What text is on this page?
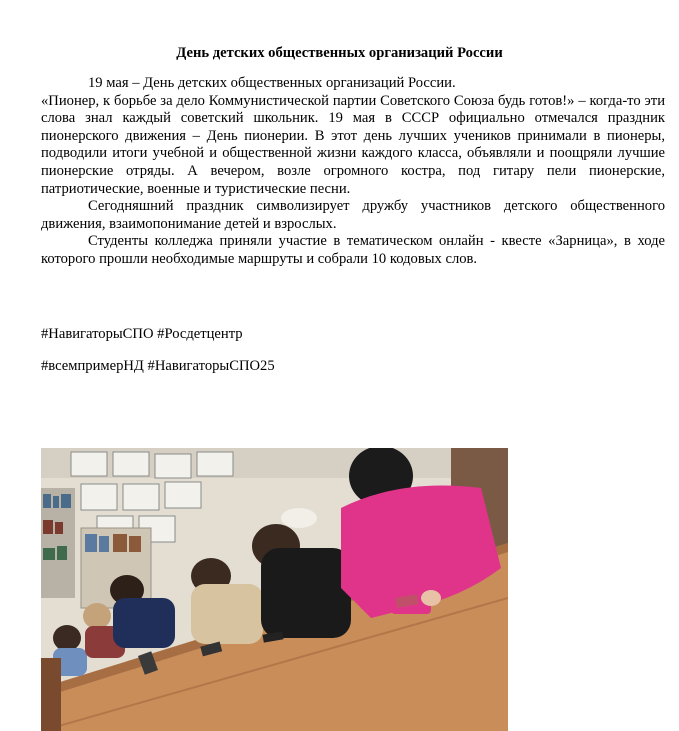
День детских общественных организаций России

19 мая – День детских общественных организаций России.

«Пионер, к борьбе за дело Коммунистической партии Советского Союза будь готов!» – когда-то эти слова знал каждый советский школьник. 19 мая в СССР официально отмечался праздник пионерского движения – День пионерии. В этот день лучших учеников принимали в пионеры, подводили итоги учебной и общественной жизни каждого класса, объявляли и поощряли лучшие пионерские отряды. А вечером, возле огромного костра, под гитару пели пионерские, патриотические, военные и туристические песни.

Сегодняшний праздник символизирует дружбу участников детского общественного движения, взаимопонимание детей и взрослых.

Студенты колледжа приняли участие в тематическом онлайн - квесте «Зарница», в ходе которого прошли необходимые маршруты и собрали 10 кодовых слов.

#НавигаторыСПО #Росдетцентр
#всемпримерНД #НавигаторыСПО25
